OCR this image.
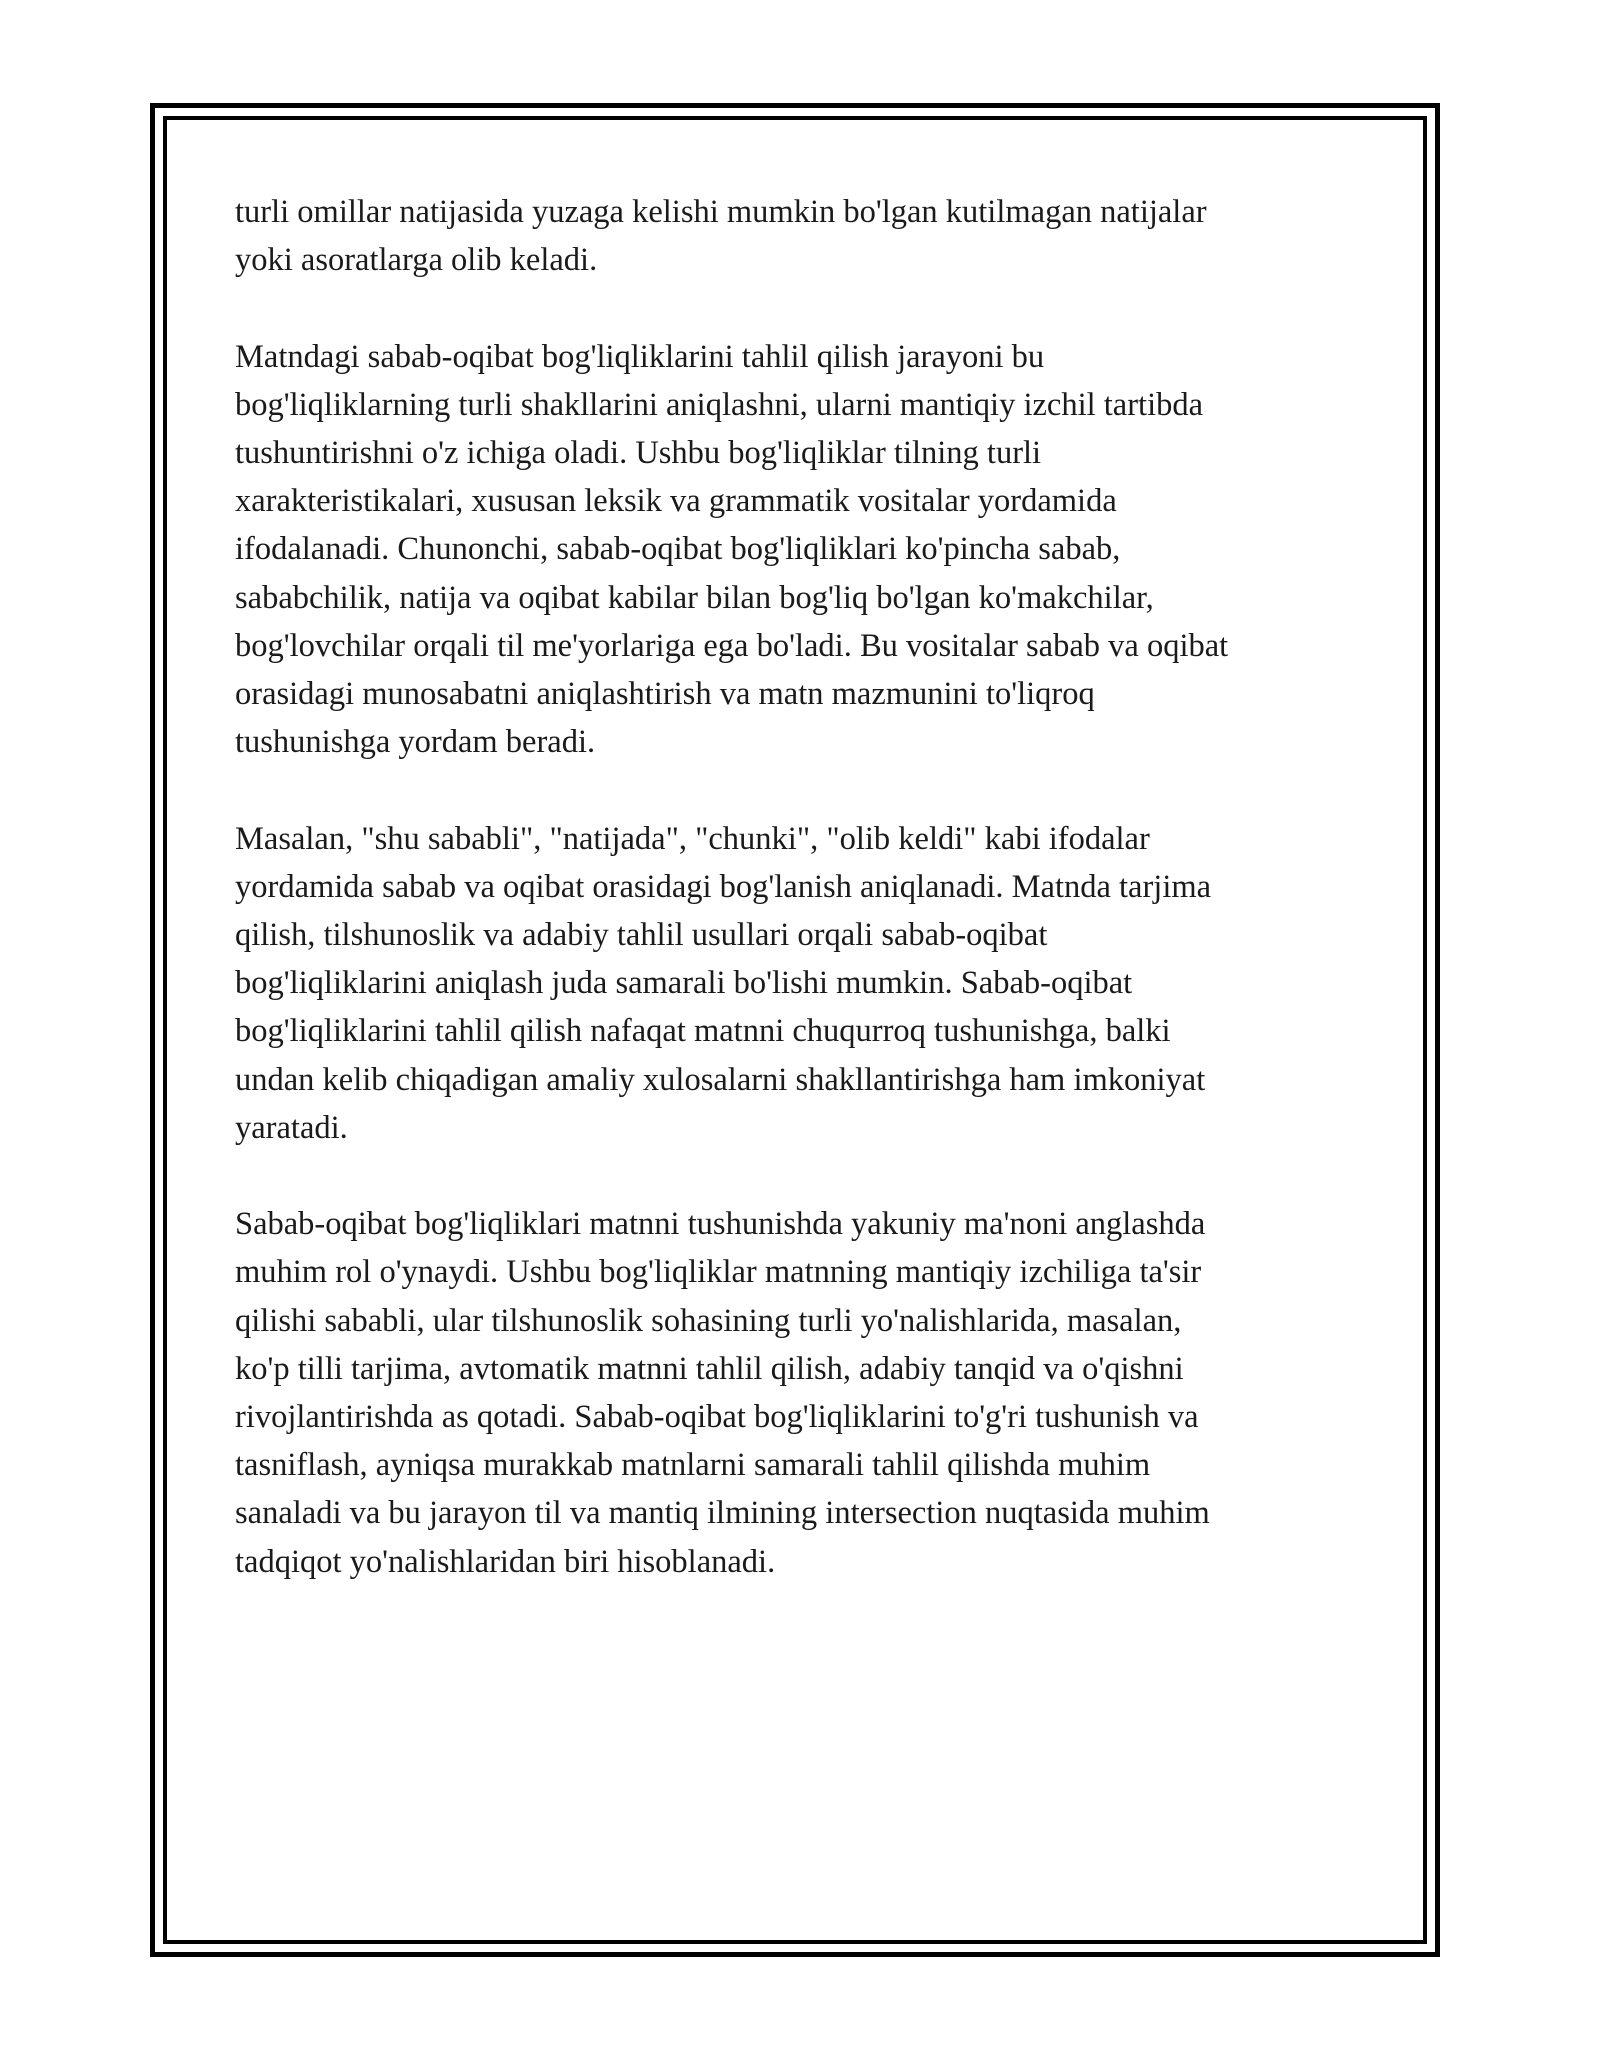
turli omillar natijasida yuzaga kelishi mumkin bo'lgan kutilmagan natijalar
yoki asoratlarga olib keladi.

Matndagi sabab-oqibat bog'liqliklarini tahlil qilish jarayoni bu
bog'liqliklarning turli shakllarini aniqlashni, ularni mantiqiy izchil tartibda
tushuntirishni o'z ichiga oladi. Ushbu bog'liqliklar tilning turli
xarakteristikalari, xususan leksik va grammatik vositalar yordamida
ifodalanadi. Chunonchi, sabab-oqibat bog'liqliklari ko'pincha sabab,
sababchilik, natija va oqibat kabilar bilan bog'liq bo'lgan ko'makchilar,
bog'lovchilar orqali til me'yorlariga ega bo'ladi. Bu vositalar sabab va oqibat
orasidagi munosabatni aniqlashtirish va matn mazmunini to'liqroq
tushunishga yordam beradi.

Masalan, "shu sababli", "natijada", "chunki", "olib keldi" kabi ifodalar
yordamida sabab va oqibat orasidagi bog'lanish aniqlanadi. Matnda tarjima
qilish, tilshunoslik va adabiy tahlil usullari orqali sabab-oqibat
bog'liqliklarini aniqlash juda samarali bo'lishi mumkin. Sabab-oqibat
bog'liqliklarini tahlil qilish nafaqat matnni chuqurroq tushunishga, balki
undan kelib chiqadigan amaliy xulosalarni shakllantirishga ham imkoniyat
yaratadi.

Sabab-oqibat bog'liqliklari matnni tushunishda yakuniy ma'noni anglashda
muhim rol o'ynaydi. Ushbu bog'liqliklar matnning mantiqiy izchiliga ta'sir
qilishi sababli, ular tilshunoslik sohasining turli yo'nalishlarida, masalan,
ko'p tilli tarjima, avtomatik matnni tahlil qilish, adabiy tanqid va o'qishni
rivojlantirishda as qotadi. Sabab-oqibat bog'liqliklarini to'g'ri tushunish va
tasniflash, ayniqsa murakkab matnlarni samarali tahlil qilishda muhim
sanaladi va bu jarayon til va mantiq ilmining intersection nuqtasida muhim
tadqiqot yo'nalishlaridan biri hisoblanadi.
